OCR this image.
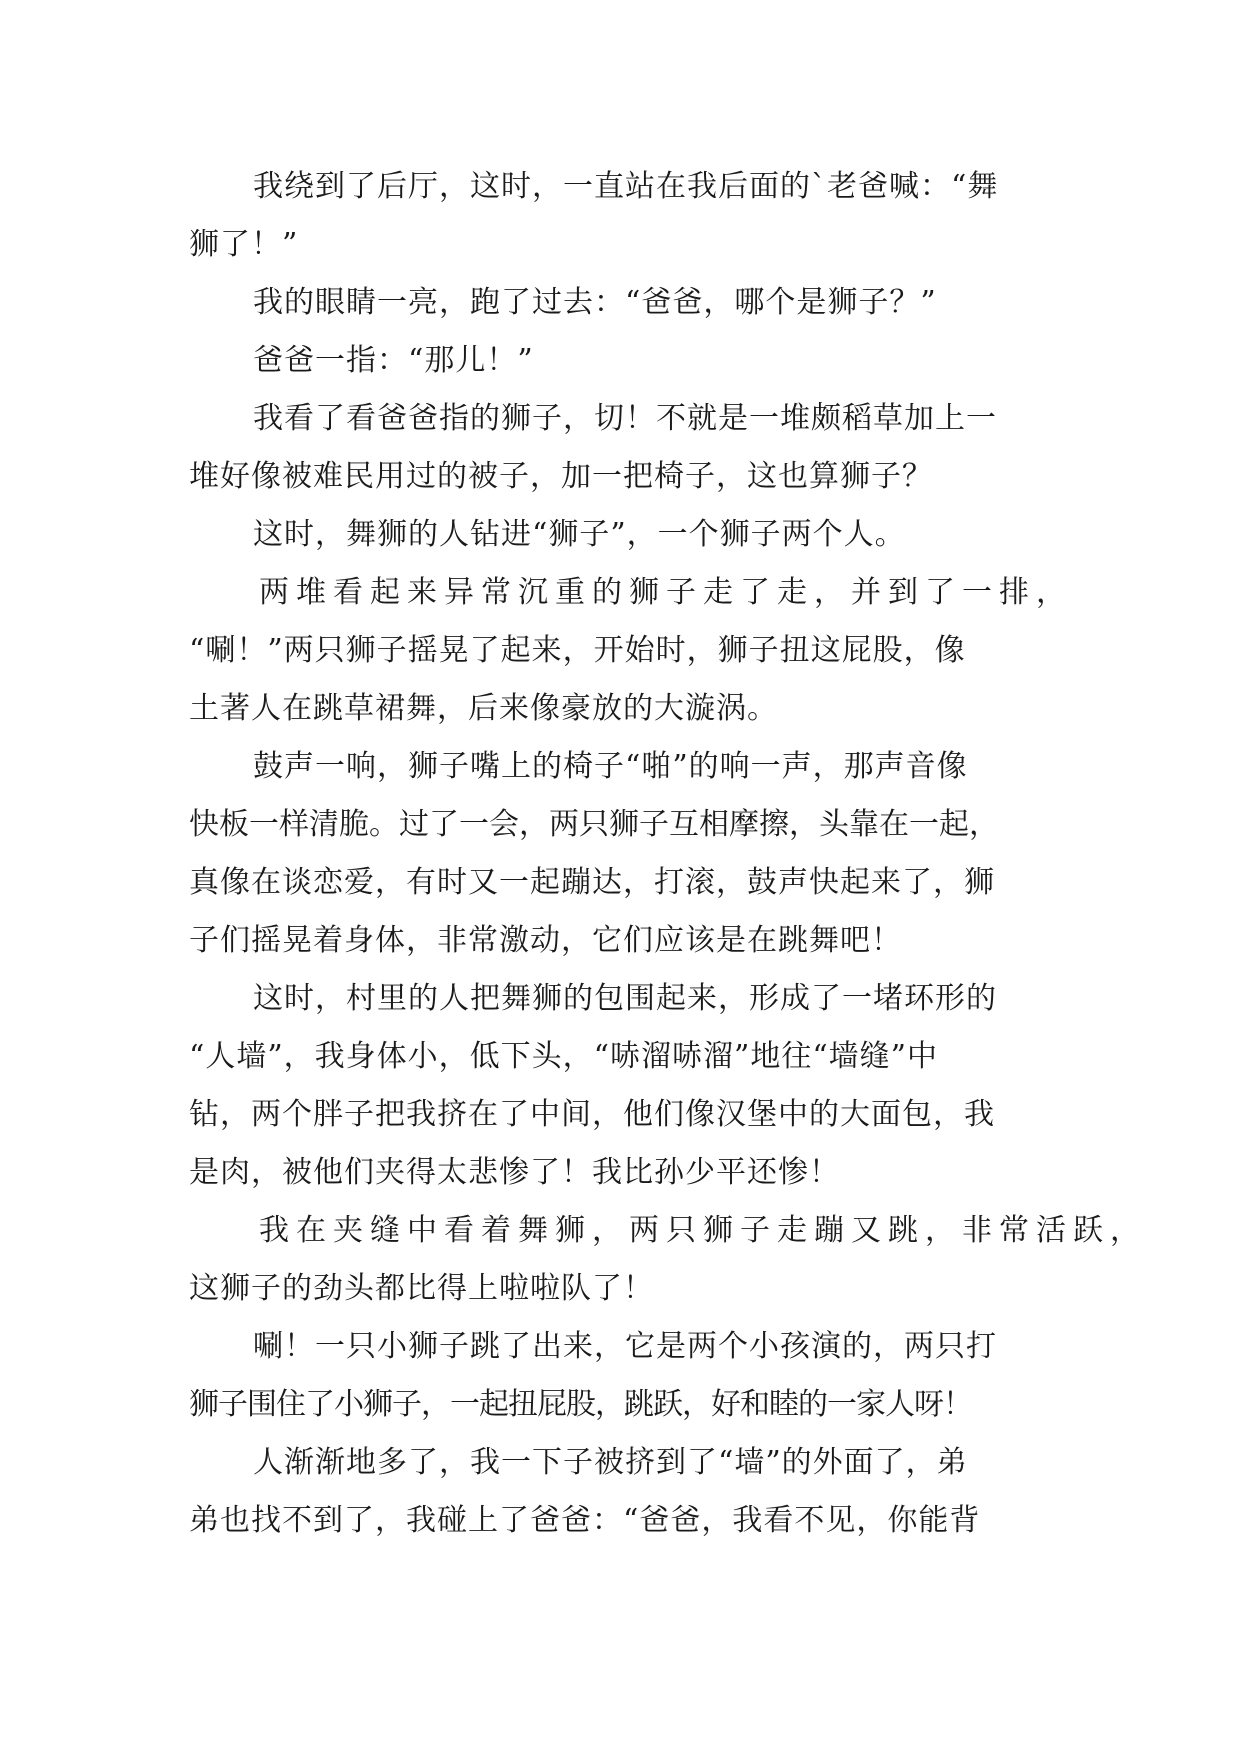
我绕到了后厅，这时，一直站在我后面的`老爸喊：“舞
狮了！”
我的眼睛一亮，跑了过去：“爸爸，哪个是狮子？”
爸爸一指：“那儿！”
我看了看爸爸指的狮子，切！不就是一堆颇稻草加上一
堆好像被难民用过的被子，加一把椅子，这也算狮子？
这时，舞狮的人钻进“狮子”，一个狮子两个人。
两堆看起来异常沉重的狮子走了走，并到了一排，
“唰！”两只狮子摇晃了起来，开始时，狮子扭这屁股，像
土著人在跳草裙舞，后来像豪放的大漩涡。
鼓声一响，狮子嘴上的椅子“啪”的响一声，那声音像
快板一样清脆。过了一会，两只狮子互相摩擦，头靠在一起，
真像在谈恋爱，有时又一起蹦达，打滚，鼓声快起来了，狮
子们摇晃着身体，非常激动，它们应该是在跳舞吧！
这时，村里的人把舞狮的包围起来，形成了一堵环形的
“人墙”，我身体小，低下头，“哧溜哧溜”地往“墙缝”中
钻，两个胖子把我挤在了中间，他们像汉堡中的大面包，我
是肉，被他们夹得太悲惨了！我比孙少平还惨！
我在夹缝中看着舞狮，两只狮子走蹦又跳，非常活跃，
这狮子的劲头都比得上啦啦队了！
唰！一只小狮子跳了出来，它是两个小孩演的，两只打
狮子围住了小狮子，一起扭屁股，跳跃，好和睦的一家人呀！
人渐渐地多了，我一下子被挤到了“墙”的外面了，弟
弟也找不到了，我碰上了爸爸：“爸爸，我看不见，你能背
